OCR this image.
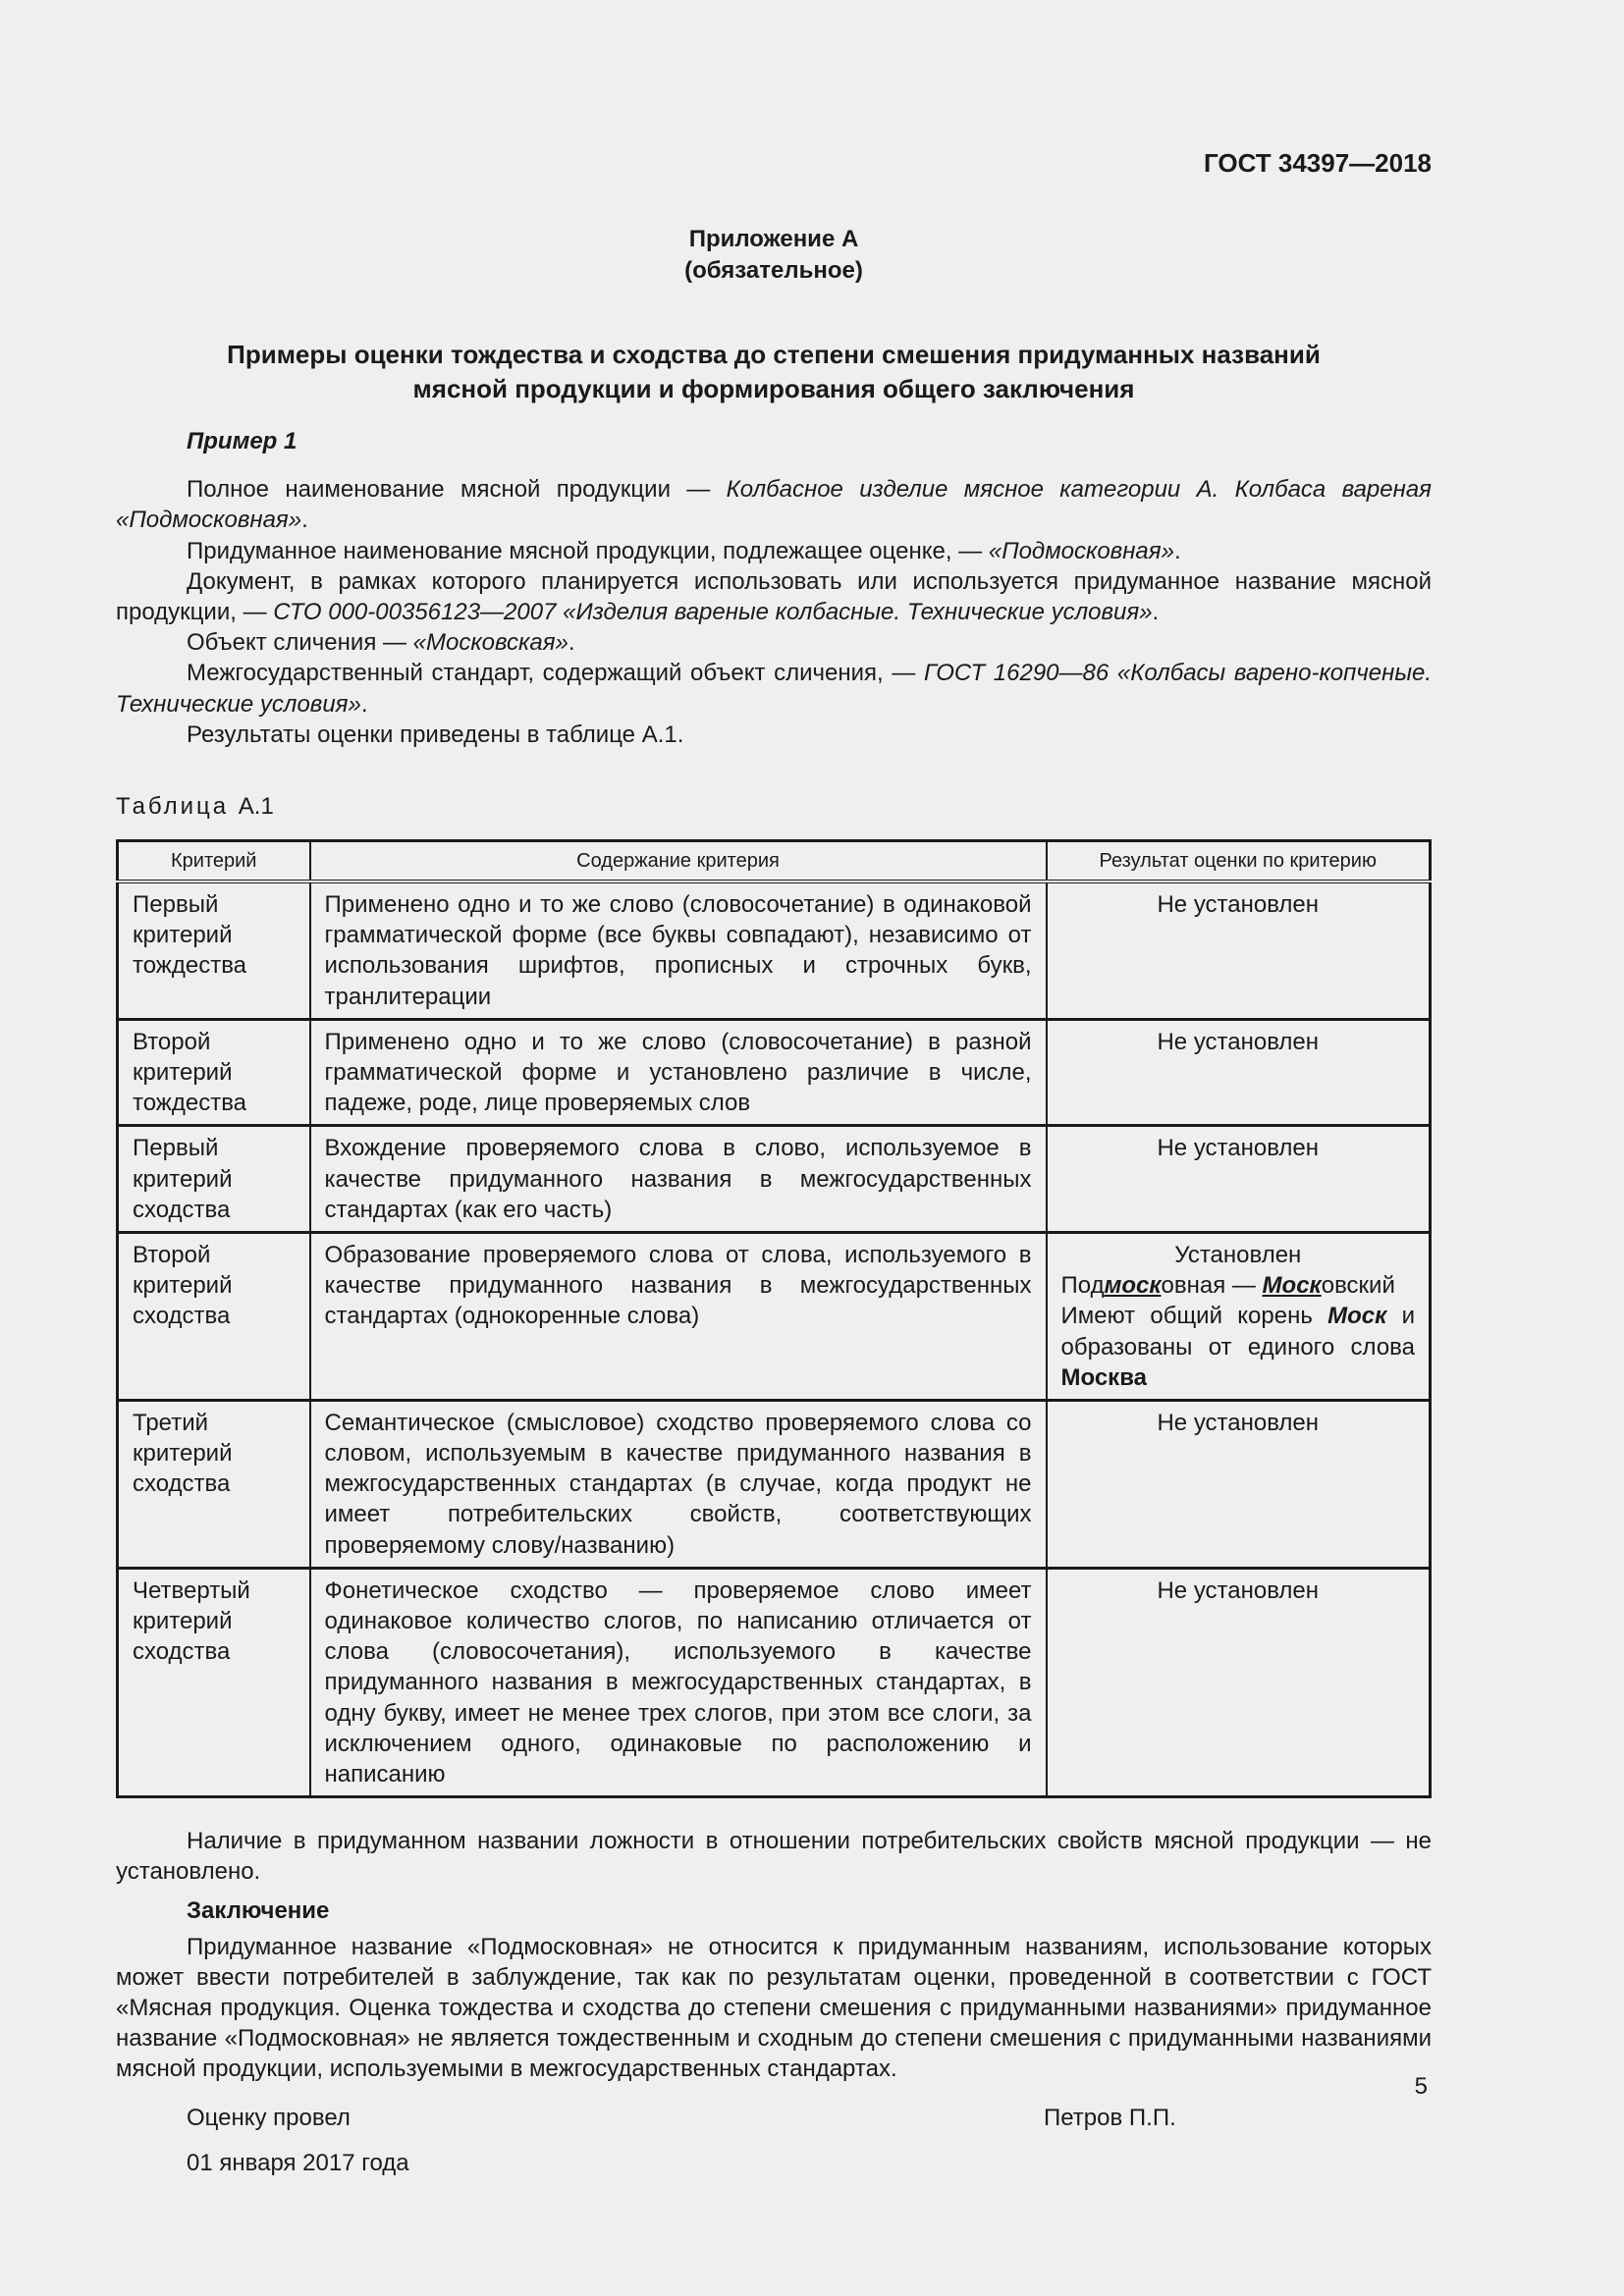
ГОСТ 34397—2018
Приложение А
(обязательное)
Примеры оценки тождества и сходства до степени смешения придуманных названий
мясной продукции и формирования общего заключения
Пример 1

Полное наименование мясной продукции — Колбасное изделие мясное категории А. Колбаса вареная «Подмосковная».

Придуманное наименование мясной продукции, подлежащее оценке, — «Подмосковная».

Документ, в рамках которого планируется использовать или используется придуманное название мясной продукции, — СТО 000-00356123—2007 «Изделия вареные колбасные. Технические условия».

Объект сличения — «Московская».

Межгосударственный стандарт, содержащий объект сличения, — ГОСТ 16290—86 «Колбасы варено-копченые. Технические условия».

Результаты оценки приведены в таблице А.1.

Таблица А.1
Критерий	Содержание критерия	Результат оценки по критерию
Первый критерий тождества	Применено одно и то же слово (словосочетание) в одинаковой грамматической форме (все буквы совпадают), независимо от использования шрифтов, прописных и строчных букв, транлитерации	Не установлен
Второй критерий тождества	Применено одно и то же слово (словосочетание) в разной грамматической форме и установлено различие в числе, падеже, роде, лице проверяемых слов	Не установлен
Первый критерий сходства	Вхождение проверяемого слова в слово, используемое в качестве придуманного названия в межгосударственных стандартах (как его часть)	Не установлен
Второй критерий сходства	Образование проверяемого слова от слова, используемого в качестве придуманного названия в межгосударственных стандартах (однокоренные слова)	Установлен
Подмосковная — Московский
Имеют общий корень Моск и образованы от единого слова Москва

Третий критерий сходства	Семантическое (смысловое) сходство проверяемого слова со словом, используемым в качестве придуманного названия в межгосударственных стандартах (в случае, когда продукт не имеет потребительских свойств, соответствующих проверяемому слову/названию)	Не установлен
Четвертый критерий сходства	Фонетическое сходство — проверяемое слово имеет одинаковое количество слогов, по написанию отличается от слова (словосочетания), используемого в качестве придуманного названия в межгосударственных стандартах, в одну букву, имеет не менее трех слогов, при этом все слоги, за исключением одного, одинаковые по расположению и написанию	Не установлен

Наличие в придуманном названии ложности в отношении потребительских свойств мясной продукции — не установлено.

Заключение

Придуманное название «Подмосковная» не относится к придуманным названиям, использование которых может ввести потребителей в заблуждение, так как по результатам оценки, проведенной в соответствии с ГОСТ «Мясная продукция. Оценка тождества и сходства до степени смешения с придуманными названиями» придуманное название «Подмосковная» не является тождественным и сходным до степени смешения с придуманными названиями мясной продукции, используемыми в межгосударственных стандартах.

Оценку провел	Петров П.П.
01 января 2017 года
5
